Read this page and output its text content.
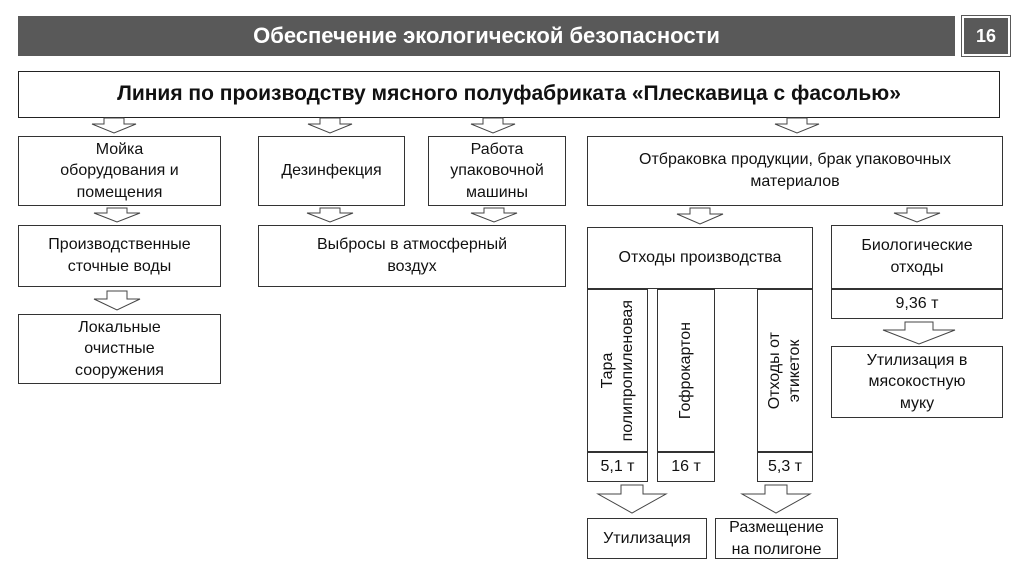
Обеспечение экологической безопасности	16
Линия по производству мясного полуфабриката «Плескавица с фасолью»
Мойка
оборудования и
помещения
Дезинфекция
Работа
упаковочной
машины
Отбраковка продукции, брак упаковочных
материалов
Производственные
сточные воды
Выбросы в атмосферный
воздух
Отходы производства
Биологические
отходы
9,36 т
Локальные
очистные
сооружения	Тара
полипропиленовая	Гофрокартон	Отходы от
этикеток
5,1 т	16 т	5,3 т
Утилизация в
мясокостную
муку
Утилизация
Размещение
на полигоне
